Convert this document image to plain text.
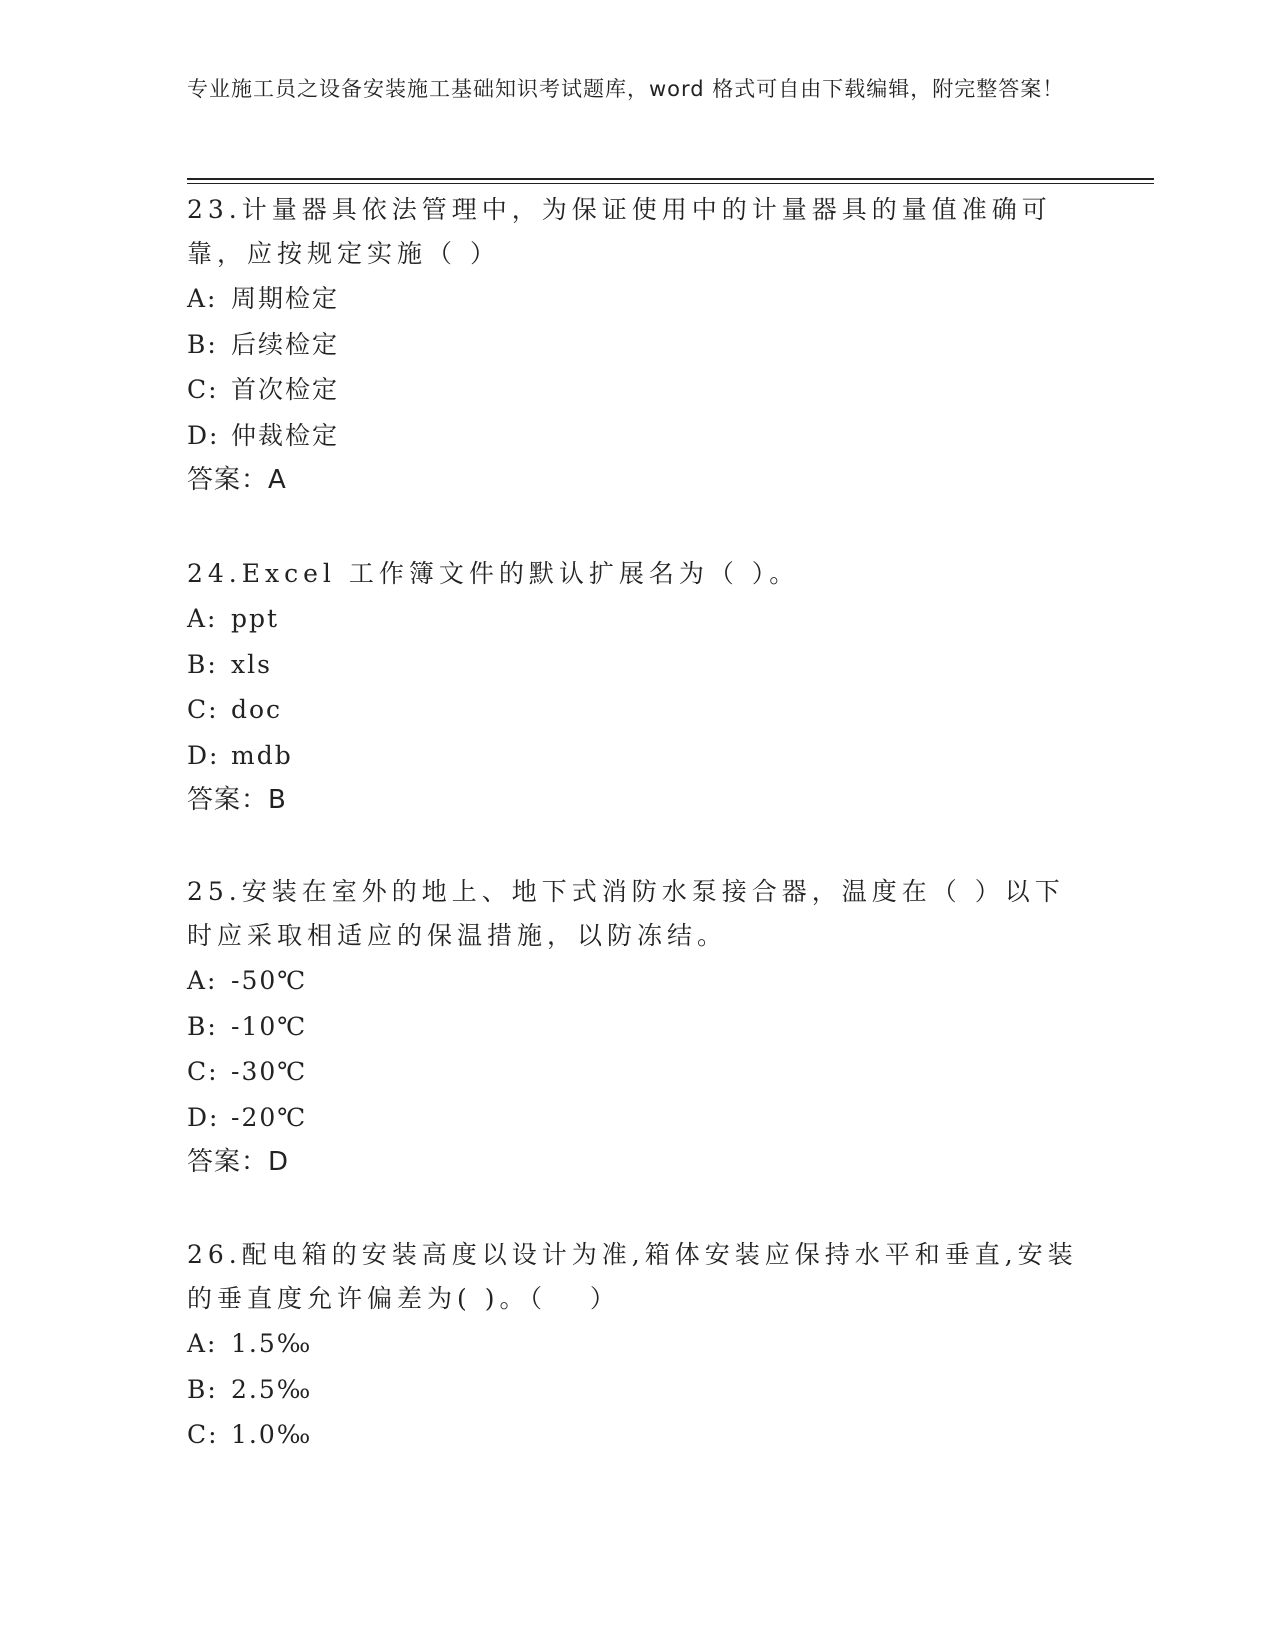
专业施工员之设备安装施工基础知识考试题库，word 格式可自由下载编辑，附完整答案！

23.计量器具依法管理中，为保证使用中的计量器具的量值准确可靠，应按规定实施（ ）

A: 周期检定

B: 后续检定

C: 首次检定

D: 仲裁检定

答案：A

24.Excel 工作簿文件的默认扩展名为（ ）。

A: ppt

B: xls

C: doc

D: mdb

答案：B

25.安装在室外的地上、地下式消防水泵接合器，温度在（ ）以下时应采取相适应的保温措施，以防冻结。

A: -50℃

B: -10℃

C: -30℃

D: -20℃

答案：D

26.配电箱的安装高度以设计为准,箱体安装应保持水平和垂直,安装的垂直度允许偏差为( )。（　 ）

A: 1.5‰

B: 2.5‰

C: 1.0‰
